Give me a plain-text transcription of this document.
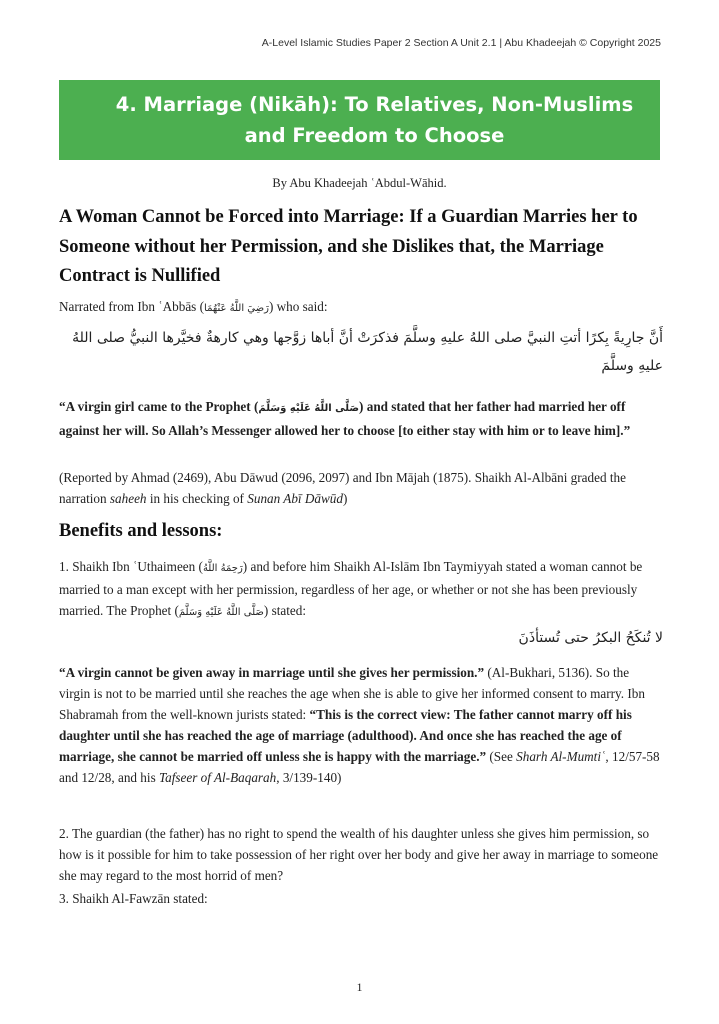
A-Level Islamic Studies Paper 2 Section A Unit 2.1 | Abu Khadeejah © Copyright 2025
4. Marriage (Nikāh): To Relatives, Non-Muslims
and Freedom to Choose
By Abu Khadeejah ʿAbdul-Wāhid.
A Woman Cannot be Forced into Marriage: If a Guardian Marries her to Someone without her Permission, and she Dislikes that, the Marriage Contract is Nullified
Narrated from Ibn ʿAbbās (رَضِيَ اللَّهُ عَنْهُمَا) who said:
أَنَّ جارِيةً بِكرًا أتتِ النبيَّ صلى اللهُ عليهِ وسلَّمَ فذكرَتْ أنَّ أباها زوَّجها وهي كارهةٌ فخيَّرها النبيُّ صلى اللهُ عليهِ وسلَّمَ
“A virgin girl came to the Prophet (صَلَّى اللَّهُ عَلَيْهِ وَسَلَّمَ) and stated that her father had married her off against her will. So Allah’s Messenger allowed her to choose [to either stay with him or to leave him].”
(Reported by Ahmad (2469), Abu Dāwud (2096, 2097) and Ibn Mājah (1875). Shaikh Al-Albāni graded the narration saheeh in his checking of Sunan Abī Dāwūd)
Benefits and lessons:
1. Shaikh Ibn ʿUthaimeen (رَحِمَهُ اللَّهُ) and before him Shaikh Al-Islām Ibn Taymiyyah stated a woman cannot be married to a man except with her permission, regardless of her age, or whether or not she has been previously married. The Prophet (صَلَّى اللَّهُ عَلَيْهِ وَسَلَّمَ) stated:
لا تُنكَحُ البكرُ حتى تُستأذَنَ
“A virgin cannot be given away in marriage until she gives her permission.” (Al-Bukhari, 5136). So the virgin is not to be married until she reaches the age when she is able to give her informed consent to marry. Ibn Shabramah from the well-known jurists stated: “This is the correct view: The father cannot marry off his daughter until she has reached the age of marriage (adulthood). And once she has reached the age of marriage, she cannot be married off unless she is happy with the marriage.” (See Sharh Al-Mumtiʿ, 12/57-58 and 12/28, and his Tafseer of Al-Baqarah, 3/139-140)
2. The guardian (the father) has no right to spend the wealth of his daughter unless she gives him permission, so how is it possible for him to take possession of her right over her body and give her away in marriage to someone she may regard to the most horrid of men?
3. Shaikh Al-Fawzān stated:
1
